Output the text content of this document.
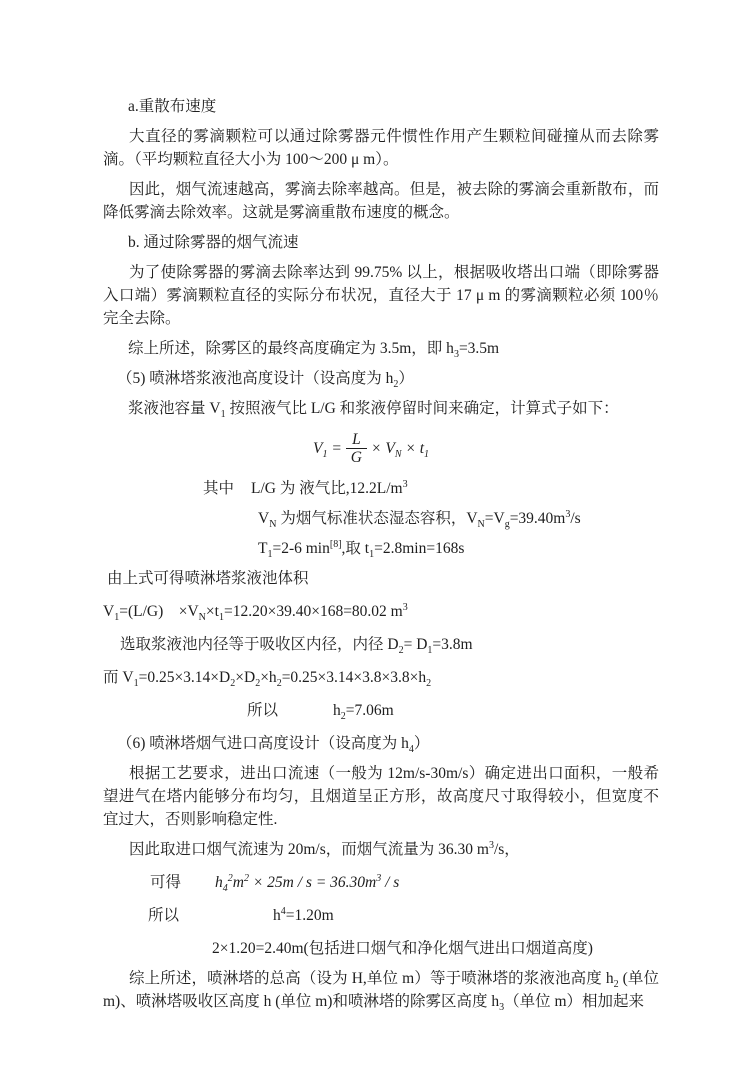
a.重散布速度

大直径的雾滴颗粒可以通过除雾器元件惯性作用产生颗粒间碰撞从而去除雾滴。（平均颗粒直径大小为 100～200 μ m）。

因此，烟气流速越高，雾滴去除率越高。但是，被去除的雾滴会重新散布，而降低雾滴去除效率。这就是雾滴重散布速度的概念。

b. 通过除雾器的烟气流速

为了使除雾器的雾滴去除率达到 99.75% 以上，根据吸收塔出口端（即除雾器入口端）雾滴颗粒直径的实际分布状况，直径大于 17 μ m 的雾滴颗粒必须 100％完全去除。

综上所述，除雾区的最终高度确定为 3.5m，即 $h_3=3.5m$

（5) 喷淋塔浆液池高度设计（设高度为 $h_2$）

浆液池容量 $V_1$ 按照液气比 L/G 和浆液停留时间来确定，计算式子如下：

$V_1 = \frac{L}{G} \times V_N \times t_1$

其中 L/G 为 液气比$,12.2L/m^3$

$V_N$ 为烟气标准状态湿态容积，$V_N=V_g=39.40m^3/s$

$T_1=2-6$ min[8],取 $t_1=2.8\min=168s$

由上式可得喷淋塔浆液池体积

$V_1=(L/G)$　$\times V_N\times t_1=12.20\times 39.40\times 168=80.02$ $m^3$

选取浆液池内径等于吸收区内径，内径 $D_2= D_1=3.8m$

而 $V_1=0.25\times 3.14\times D_2\times D_2\times h_2=0.25\times 3.14\times 3.8\times 3.8\times h_2$

所以	$h_2=7.06m$

（6) 喷淋塔烟气进口高度设计（设高度为 $h_4$）

根据工艺要求，进出口流速（一般为 12m/s-30m/s）确定进出口面积，一般希望进气在塔内能够分布均匀，且烟道呈正方形，故高度尺寸取得较小，但宽度不宜过大，否则影响稳定性.

因此取进口烟气流速为 20m/s，而烟气流量为 36.30 $m^3/s$，

可得 $h_4^2m^2 \times 25m / s = 36.30m^3 / s$

所以	$h^4=1.20m$

2×1.20=2.40m(包括进口烟气和净化烟气进出口烟道高度)

综上所述，喷淋塔的总高（设为 H,单位 m）等于喷淋塔的浆液池高度 $h_2$ (单位 m)、喷淋塔吸收区高度 h (单位 m)和喷淋塔的除雾区高度 $h_3$（单位 m）相加起来
